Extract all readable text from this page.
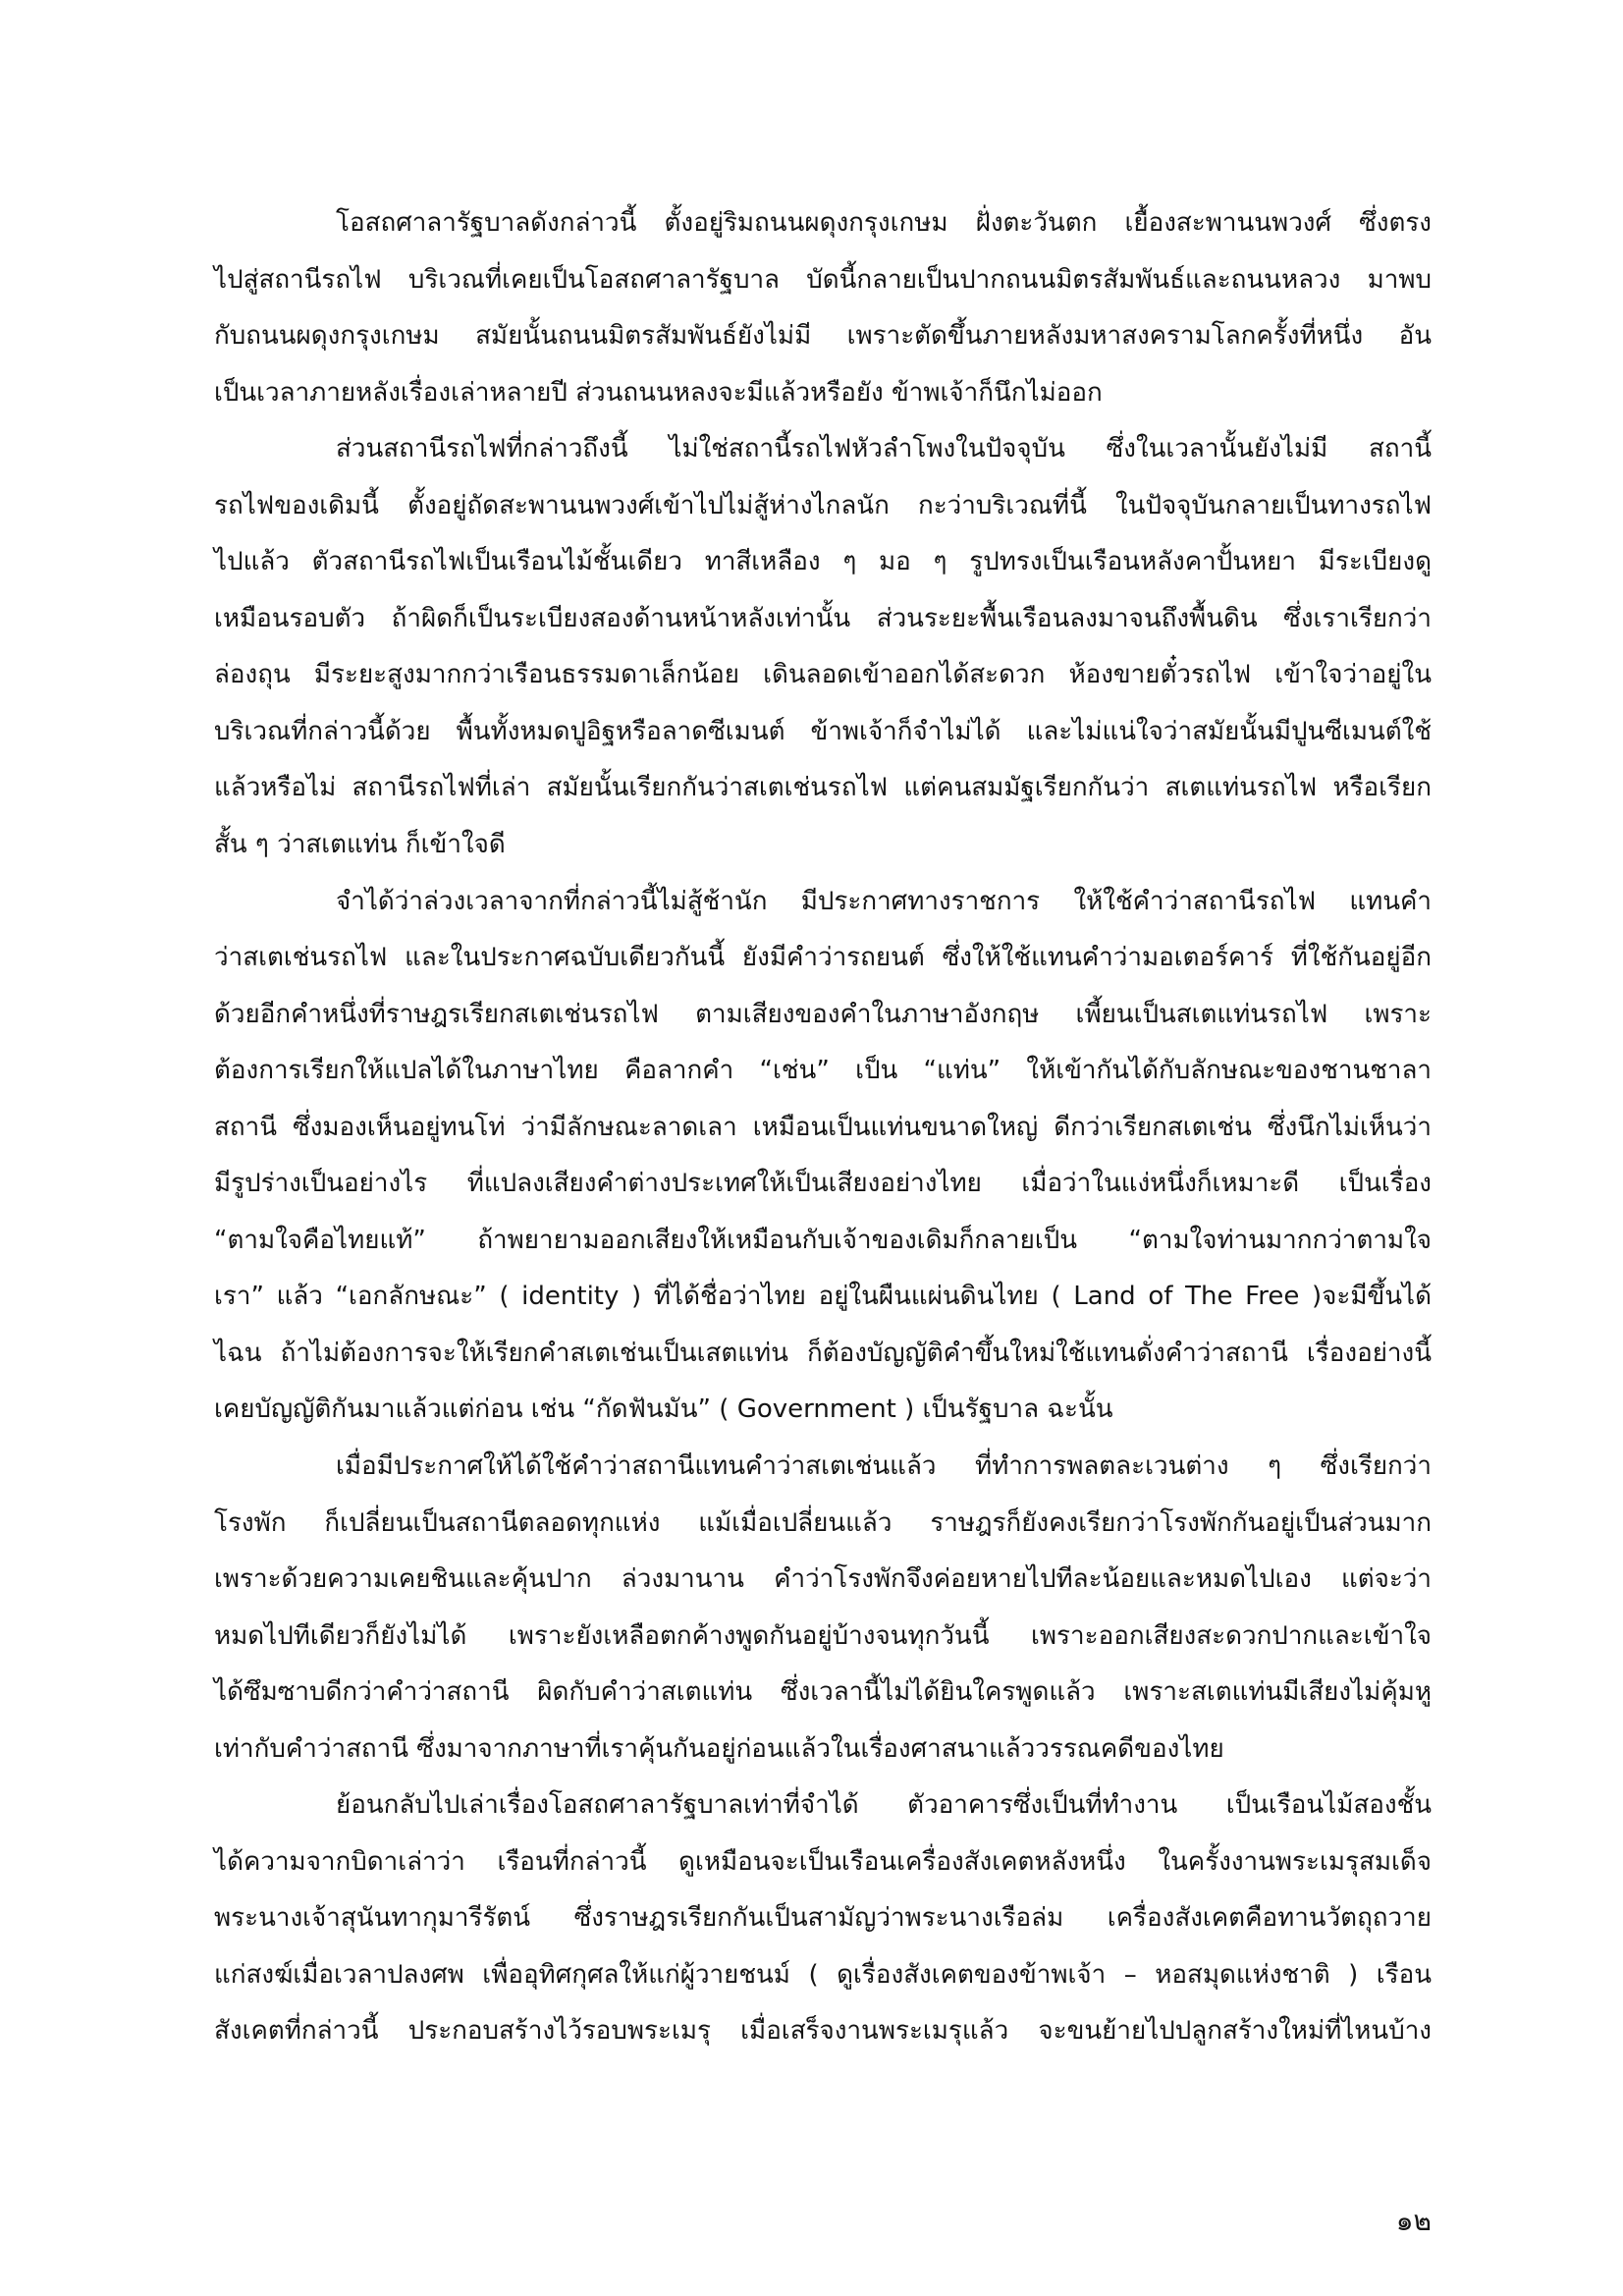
โอสถศาลารัฐบาลดังกล่าวนี้ ตั้งอยู่ริมถนนผดุงกรุงเกษม ฝั่งตะวันตก เยื้องสะพานนพวงศ์ ซึ่งตรง
ไปสู่สถานีรถไฟ บริเวณที่เคยเป็นโอสถศาลารัฐบาล บัดนี้กลายเป็นปากถนนมิตรสัมพันธ์และถนนหลวง มาพบ
กับถนนผดุงกรุงเกษม สมัยนั้นถนนมิตรสัมพันธ์ยังไม่มี เพราะตัดขึ้นภายหลังมหาสงครามโลกครั้งที่หนึ่ง อัน
เป็นเวลาภายหลังเรื่องเล่าหลายปี ส่วนถนนหลงจะมีแล้วหรือยัง ข้าพเจ้าก็นึกไม่ออก
ส่วนสถานีรถไฟที่กล่าวถึงนี้ ไม่ใช่สถานี้รถไฟหัวลำโพงในปัจจุบัน ซึ่งในเวลานั้นยังไม่มี สถานี้
รถไฟของเดิมนี้ ตั้งอยู่ถัดสะพานนพวงศ์เข้าไปไม่สู้ห่างไกลนัก กะว่าบริเวณที่นี้ ในปัจจุบันกลายเป็นทางรถไฟ
ไปแล้ว ตัวสถานีรถไฟเป็นเรือนไม้ชั้นเดียว ทาสีเหลือง ๆ มอ ๆ รูปทรงเป็นเรือนหลังคาปั้นหยา มีระเบียงดู
เหมือนรอบตัว ถ้าผิดก็เป็นระเบียงสองด้านหน้าหลังเท่านั้น ส่วนระยะพื้นเรือนลงมาจนถึงพื้นดิน ซึ่งเราเรียกว่า
ล่องถุน มีระยะสูงมากกว่าเรือนธรรมดาเล็กน้อย เดินลอดเข้าออกได้สะดวก ห้องขายตั๋วรถไฟ เข้าใจว่าอยู่ใน
บริเวณที่กล่าวนี้ด้วย พื้นทั้งหมดปูอิฐหรือลาดซีเมนต์ ข้าพเจ้าก็จำไม่ได้ และไม่แน่ใจว่าสมัยนั้นมีปูนซีเมนต์ใช้
แล้วหรือไม่ สถานีรถไฟที่เล่า สมัยนั้นเรียกกันว่าสเตเช่นรถไฟ แต่คนสมมัฐเรียกกันว่า สเตแท่นรถไฟ หรือเรียก
สั้น ๆ ว่าสเตแท่น ก็เข้าใจดี
จำได้ว่าล่วงเวลาจากที่กล่าวนี้ไม่สู้ช้านัก มีประกาศทางราชการ ให้ใช้คำว่าสถานีรถไฟ แทนคำ
ว่าสเตเช่นรถไฟ และในประกาศฉบับเดียวกันนี้ ยังมีคำว่ารถยนต์ ซึ่งให้ใช้แทนคำว่ามอเตอร์คาร์ ที่ใช้กันอยู่อีก
ด้วยอีกคำหนึ่งที่ราษฎรเรียกสเตเช่นรถไฟ ตามเสียงของคำในภาษาอังกฤษ เพี้ยนเป็นสเตแท่นรถไฟ เพราะ
ต้องการเรียกให้แปลได้ในภาษาไทย คือลากคำ “เช่น” เป็น “แท่น” ให้เข้ากันได้กับลักษณะของชานชาลา
สถานี ซึ่งมองเห็นอยู่ทนโท่ ว่ามีลักษณะลาดเลา เหมือนเป็นแท่นขนาดใหญ่ ดีกว่าเรียกสเตเช่น ซึ่งนึกไม่เห็นว่า
มีรูปร่างเป็นอย่างไร ที่แปลงเสียงคำต่างประเทศให้เป็นเสียงอย่างไทย เมื่อว่าในแง่หนึ่งก็เหมาะดี เป็นเรื่อง
“ตามใจคือไทยแท้” ถ้าพยายามออกเสียงให้เหมือนกับเจ้าของเดิมก็กลายเป็น “ตามใจท่านมากกว่าตามใจ
เรา” แล้ว “เอกลักษณะ” ( identity ) ที่ได้ชื่อว่าไทย อยู่ในผืนแผ่นดินไทย ( Land of The Free )จะมีขึ้นได้
ไฉน ถ้าไม่ต้องการจะให้เรียกคำสเตเช่นเป็นเสตแท่น ก็ต้องบัญญัติคำขึ้นใหม่ใช้แทนดั่งคำว่าสถานี เรื่องอย่างนี้
เคยบัญญัติกันมาแล้วแต่ก่อน เช่น “กัดฟันมัน” ( Government ) เป็นรัฐบาล ฉะนั้น
เมื่อมีประกาศให้ได้ใช้คำว่าสถานีแทนคำว่าสเตเช่นแล้ว ที่ทำการพลตละเวนต่าง ๆ ซึ่งเรียกว่า
โรงพัก ก็เปลี่ยนเป็นสถานีตลอดทุกแห่ง แม้เมื่อเปลี่ยนแล้ว ราษฎรก็ยังคงเรียกว่าโรงพักกันอยู่เป็นส่วนมาก
เพราะด้วยความเคยชินและคุ้นปาก ล่วงมานาน คำว่าโรงพักจึงค่อยหายไปทีละน้อยและหมดไปเอง แต่จะว่า
หมดไปทีเดียวก็ยังไม่ได้ เพราะยังเหลือตกค้างพูดกันอยู่บ้างจนทุกวันนี้ เพราะออกเสียงสะดวกปากและเข้าใจ
ได้ซึมซาบดีกว่าคำว่าสถานี ผิดกับคำว่าสเตแท่น ซึ่งเวลานี้ไม่ได้ยินใครพูดแล้ว เพราะสเตแท่นมีเสียงไม่คุ้มหู
เท่ากับคำว่าสถานี ซึ่งมาจากภาษาที่เราคุ้นกันอยู่ก่อนแล้วในเรื่องศาสนาแล้ววรรณคดีของไทย
ย้อนกลับไปเล่าเรื่องโอสถศาลารัฐบาลเท่าที่จำได้ ตัวอาคารซึ่งเป็นที่ทำงาน เป็นเรือนไม้สองชั้น
ได้ความจากบิดาเล่าว่า เรือนที่กล่าวนี้ ดูเหมือนจะเป็นเรือนเครื่องสังเคตหลังหนึ่ง ในครั้งงานพระเมรุสมเด็จ
พระนางเจ้าสุนันทากุมารีรัตน์ ซึ่งราษฎรเรียกกันเป็นสามัญว่าพระนางเรือล่ม เครื่องสังเคตคือทานวัตถุถวาย
แก่สงฆ์เมื่อเวลาปลงศพ เพื่ออุทิศกุศลให้แก่ผู้วายชนม์ ( ดูเรื่องสังเคตของข้าพเจ้า – หอสมุดแห่งชาติ ) เรือน
สังเคตที่กล่าวนี้ ประกอบสร้างไว้รอบพระเมรุ เมื่อเสร็จงานพระเมรุแล้ว จะขนย้ายไปปลูกสร้างใหม่ที่ไหนบ้าง
๑๒
